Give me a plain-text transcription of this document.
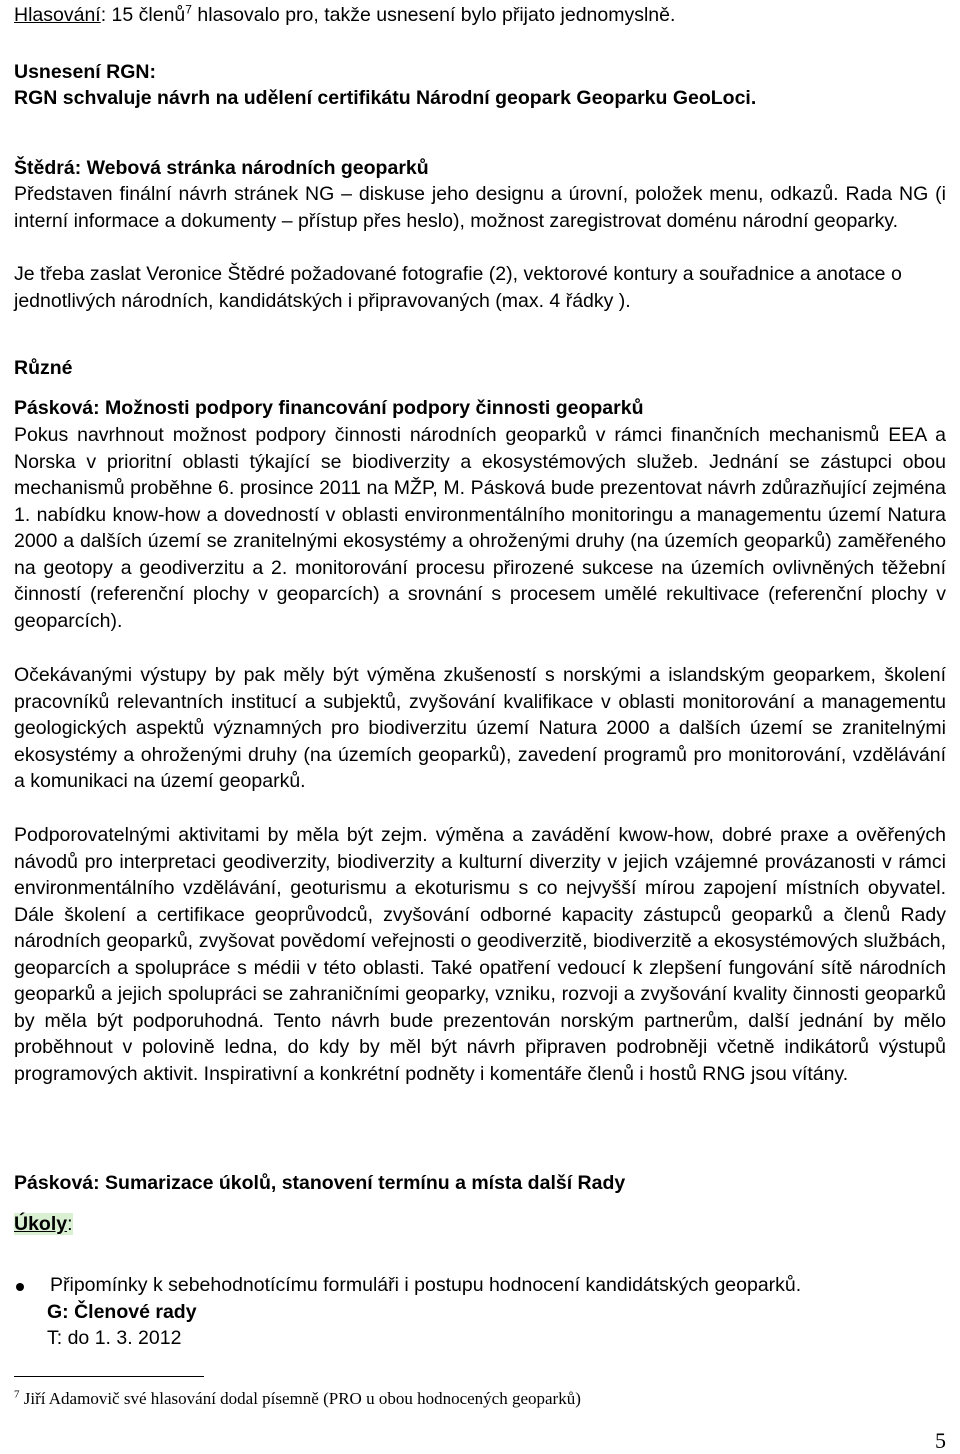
Hlasování: 15 členů$^7$ hlasovalo pro, takže usnesení bylo přijato jednomyslně.
Usnesení RGN:
RGN schvaluje návrh na udělení certifikátu Národní geopark Geoparku GeoLoci.
Štědrá: Webová stránka národních geoparků
Představen finální návrh stránek NG – diskuse jeho designu a úrovní, položek menu, odkazů. Rada NG (i interní informace a dokumenty – přístup přes heslo), možnost zaregistrovat doménu národní geoparky.
Je třeba zaslat Veronice Štědré požadované fotografie (2), vektorové kontury a souřadnice a anotace o jednotlivých národních, kandidátských i připravovaných (max. 4 řádky ).
Různé
Pásková: Možnosti podpory financování podpory činnosti geoparků
Pokus navrhnout možnost podpory činnosti národních geoparků v rámci finančních mechanismů EEA a Norska v prioritní oblasti týkající se biodiverzity a ekosystémových služeb. Jednání se zástupci obou mechanismů proběhne 6. prosince 2011 na MŽP, M. Pásková bude prezentovat návrh zdůrazňující zejména 1. nabídku know-how a dovedností v oblasti environmentálního monitoringu a managementu území Natura 2000 a dalších území se zranitelnými ekosystémy a ohroženými druhy (na územích geoparků) zaměřeného na geotopy a geodiverzitu a 2. monitorování procesu přirozené sukcese na územích ovlivněných těžební činností (referenční plochy v geoparcích) a srovnání s procesem umělé rekultivace (referenční plochy v geoparcích).
Očekávanými výstupy by pak měly být výměna zkušeností s norskými a islandským geoparkem, školení pracovníků relevantních institucí a subjektů, zvyšování kvalifikace v oblasti monitorování a managementu geologických aspektů významných pro biodiverzitu území Natura 2000 a dalších území se zranitelnými ekosystémy a ohroženými druhy (na územích geoparků), zavedení programů pro monitorování, vzdělávání a komunikaci na území geoparků.
Podporovatelnými aktivitami by měla být zejm. výměna a zavádění kwow-how, dobré praxe a ověřených návodů pro interpretaci geodiverzity, biodiverzity a kulturní diverzity v jejich vzájemné provázanosti v rámci environmentálního vzdělávání, geoturismu a ekoturismu s co nejvyšší mírou zapojení místních obyvatel. Dále školení a certifikace geoprůvodců, zvyšování odborné kapacity zástupců geoparků a členů Rady národních geoparků, zvyšovat povědomí veřejnosti o geodiverzitě, biodiverzitě a ekosystémových službách, geoparcích a spolupráce s médii v této oblasti. Také opatření vedoucí k zlepšení fungování sítě národních geoparků a jejich spolupráci se zahraničními geoparky, vzniku, rozvoji a zvyšování kvality činnosti geoparků by měla být podporuhodná. Tento návrh bude prezentován norským partnerům, další jednání by mělo proběhnout v polovině ledna, do kdy by měl být návrh připraven podrobněji včetně indikátorů výstupů programových aktivit. Inspirativní a konkrétní podněty i komentáře členů i hostů RNG jsou vítány.
Pásková: Sumarizace úkolů, stanovení termínu a místa další Rady
Úkoly:
Připomínky k sebehodnotícímu formuláři i postupu hodnocení kandidátských geoparků.
G: Členové rady
T: do 1. 3. 2012
$^7$ Jiří Adamovič své hlasování dodal písemně (PRO u obou hodnocených geoparků)
5
